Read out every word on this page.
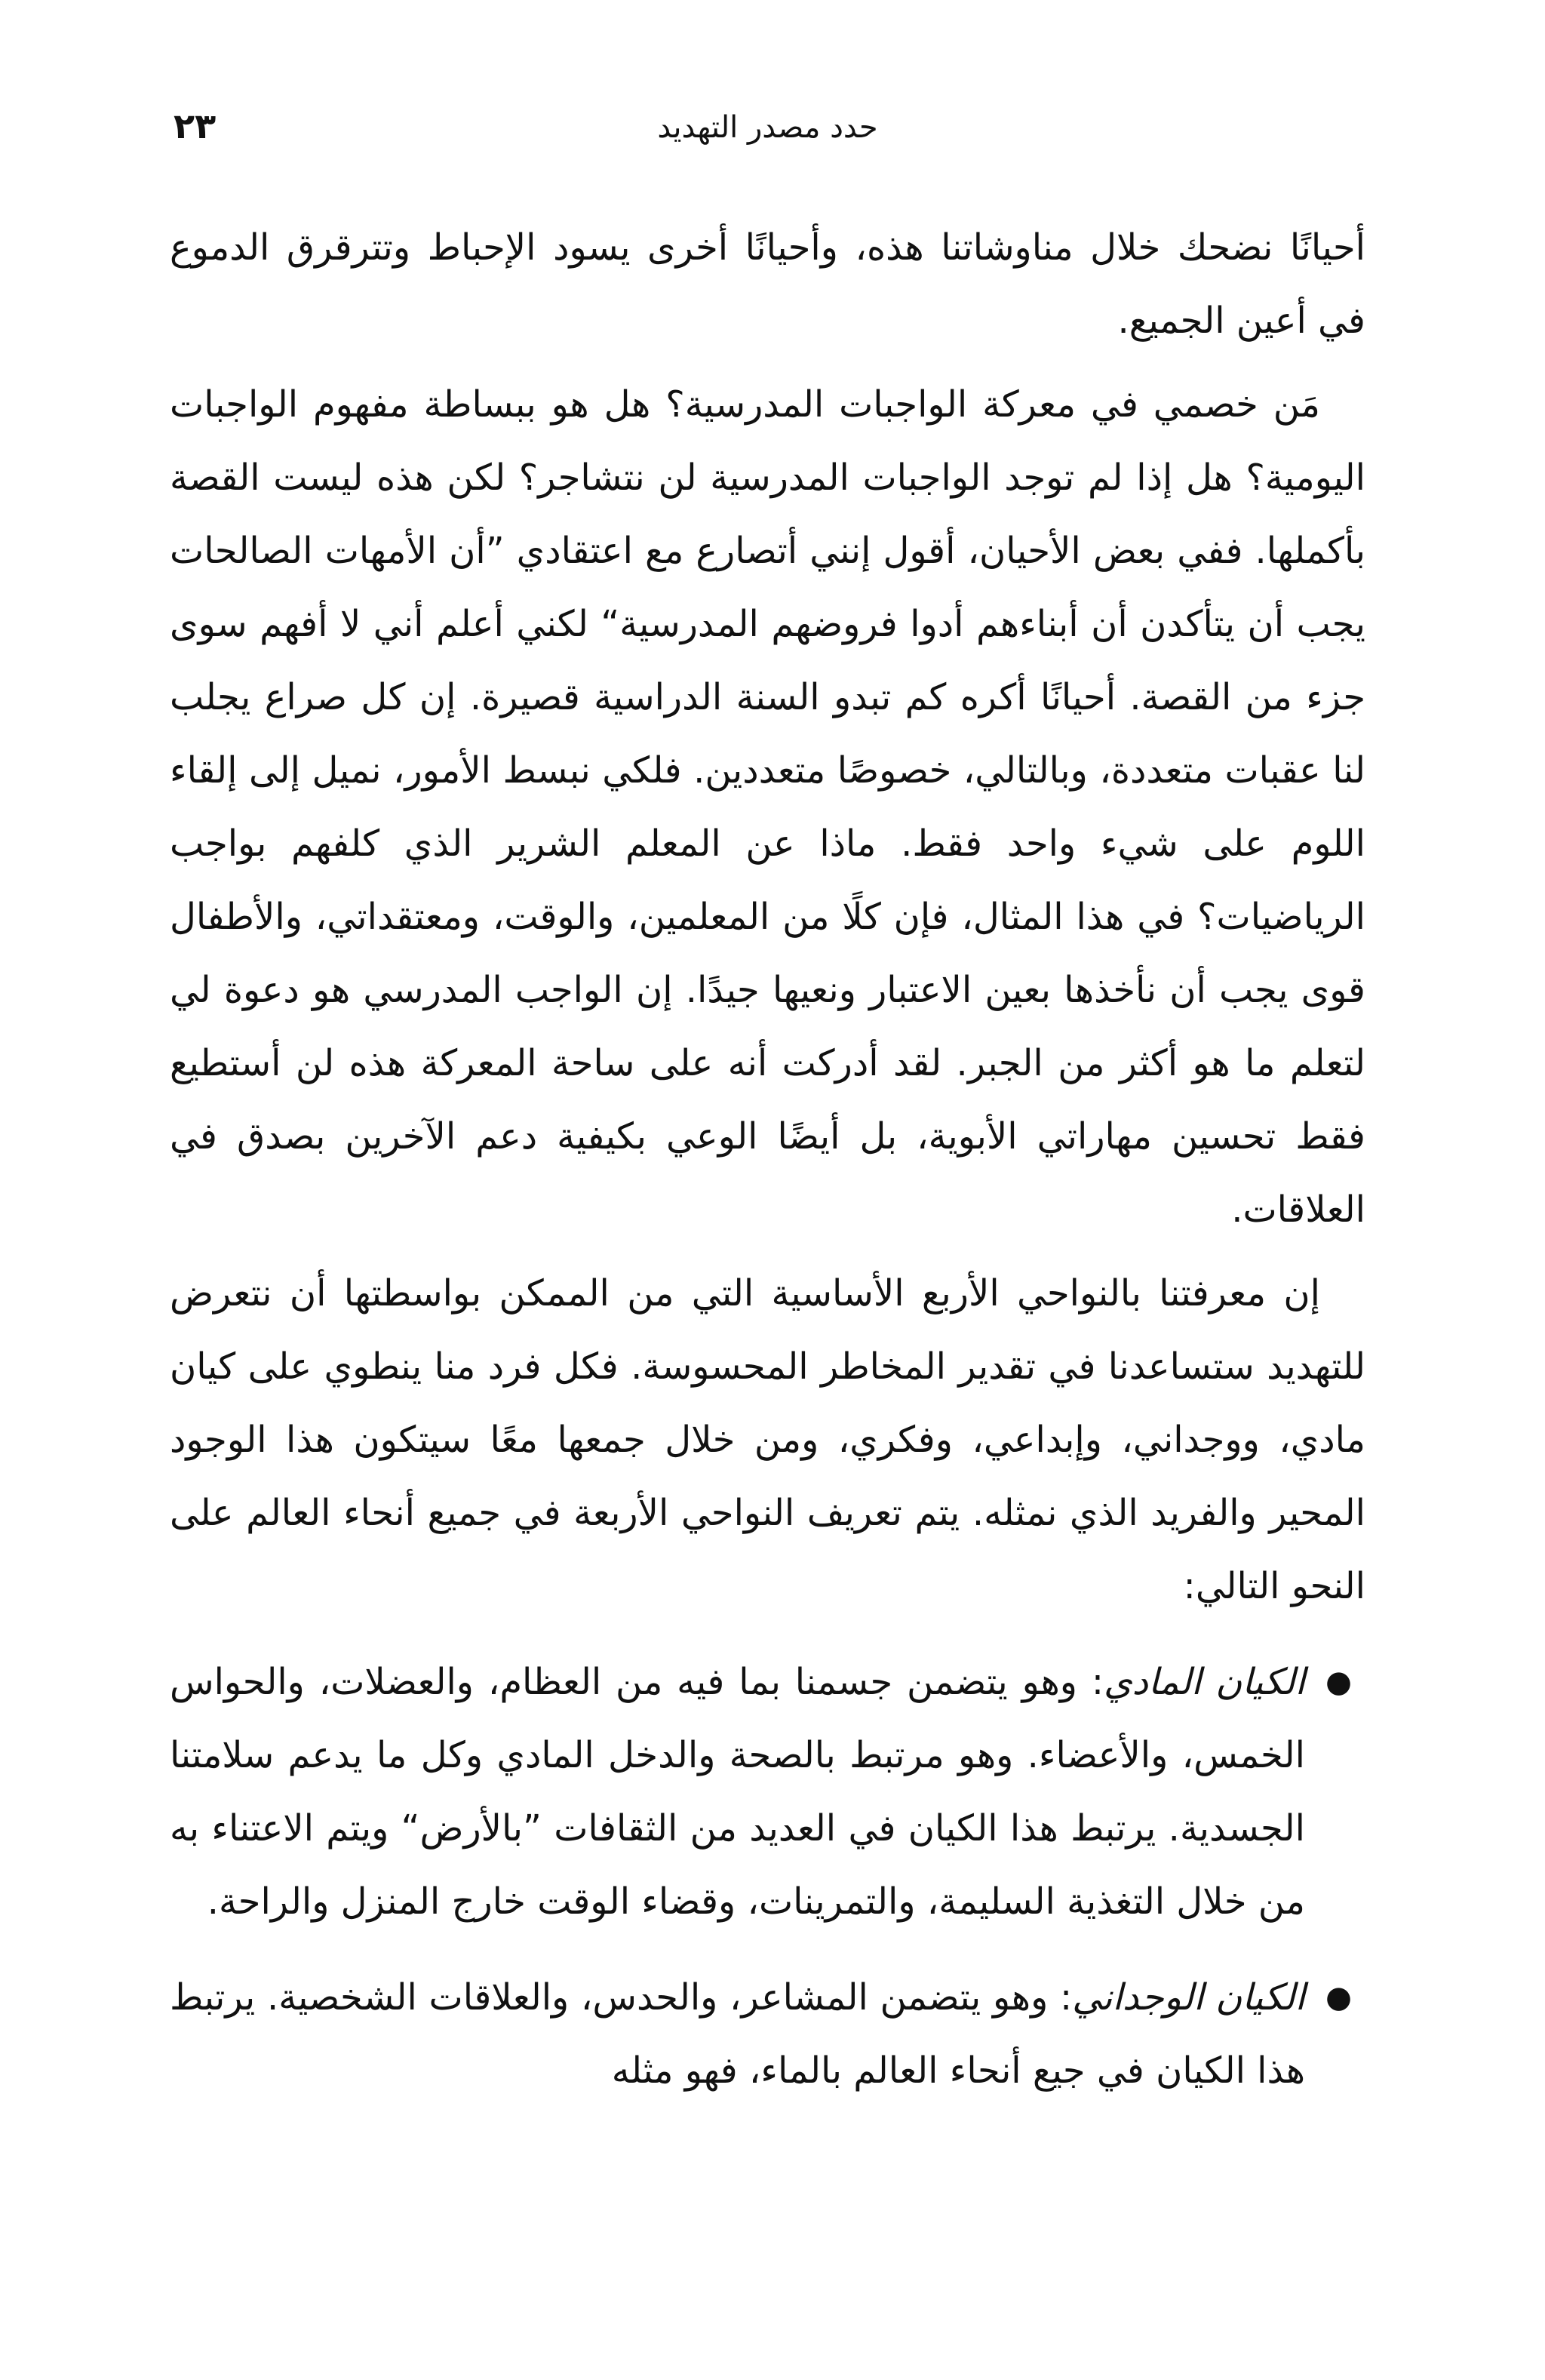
٢٣	حدد مصدر التهديد

أحيانًا نضحك خلال مناوشاتنا هذه، وأحيانًا أخرى يسود الإحباط وتترقرق الدموع في أعين الجميع.

مَن خصمي في معركة الواجبات المدرسية؟ هل هو ببساطة مفهوم الواجبات اليومية؟ هل إذا لم توجد الواجبات المدرسية لن نتشاجر؟ لكن هذه ليست القصة بأكملها. ففي بعض الأحيان، أقول إنني أتصارع مع اعتقادي ”أن الأمهات الصالحات يجب أن يتأكدن أن أبناءهم أدوا فروضهم المدرسية“ لكني أعلم أني لا أفهم سوى جزء من القصة. أحيانًا أكره كم تبدو السنة الدراسية قصيرة. إن كل صراع يجلب لنا عقبات متعددة، وبالتالي، خصوصًا متعددين. فلكي نبسط الأمور، نميل إلى إلقاء اللوم على شيء واحد فقط. ماذا عن المعلم الشرير الذي كلفهم بواجب الرياضيات؟ في هذا المثال، فإن كلًا من المعلمين، والوقت، ومعتقداتي، والأطفال قوى يجب أن نأخذها بعين الاعتبار ونعيها جيدًا. إن الواجب المدرسي هو دعوة لي لتعلم ما هو أكثر من الجبر. لقد أدركت أنه على ساحة المعركة هذه لن أستطيع فقط تحسين مهاراتي الأبوية، بل أيضًا الوعي بكيفية دعم الآخرين بصدق في العلاقات.

إن معرفتنا بالنواحي الأربع الأساسية التي من الممكن بواسطتها أن نتعرض للتهديد ستساعدنا في تقدير المخاطر المحسوسة. فكل فرد منا ينطوي على كيان مادي، ووجداني، وإبداعي، وفكري، ومن خلال جمعها معًا سيتكون هذا الوجود المحير والفريد الذي نمثله. يتم تعريف النواحي الأربعة في جميع أنحاء العالم على النحو التالي:

●
الكيان المادي: وهو يتضمن جسمنا بما فيه من العظام، والعضلات، والحواس الخمس، والأعضاء. وهو مرتبط بالصحة والدخل المادي وكل ما يدعم سلامتنا الجسدية. يرتبط هذا الكيان في العديد من الثقافات ”بالأرض“ ويتم الاعتناء به من خلال التغذية السليمة، والتمرينات، وقضاء الوقت خارج المنزل والراحة.
●
الكيان الوجداني: وهو يتضمن المشاعر، والحدس، والعلاقات الشخصية. يرتبط هذا الكيان في جيع أنحاء العالم بالماء، فهو مثله
